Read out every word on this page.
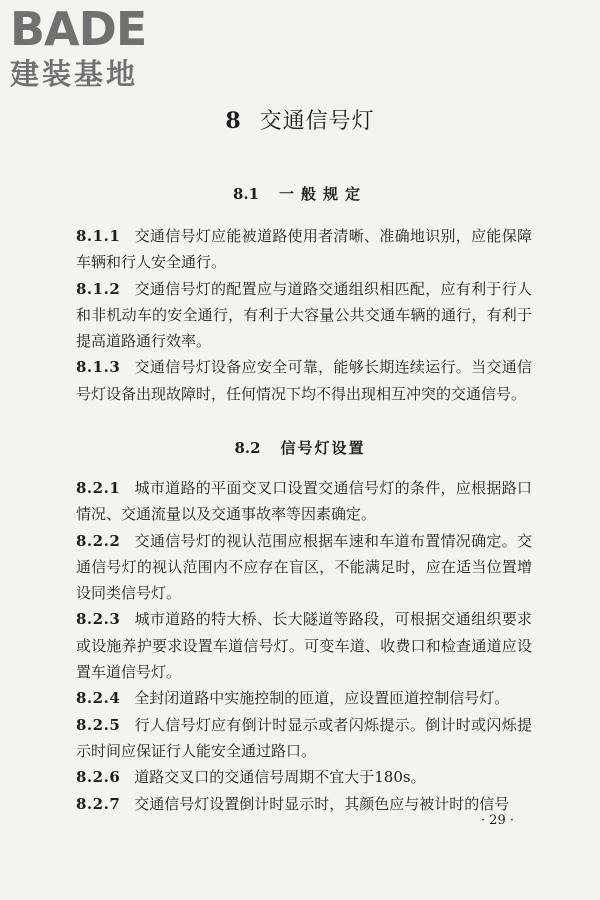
BADE
建装基地
8 交通信号灯
8.1 一般规定

8.1.1 交通信号灯应能被道路使用者清晰、准确地识别，应能保障车辆和行人安全通行。

8.1.2 交通信号灯的配置应与道路交通组织相匹配，应有利于行人和非机动车的安全通行，有利于大容量公共交通车辆的通行，有利于提高道路通行效率。

8.1.3 交通信号灯设备应安全可靠，能够长期连续运行。当交通信号灯设备出现故障时，任何情况下均不得出现相互冲突的交通信号。

8.2 信号灯设置

8.2.1 城市道路的平面交叉口设置交通信号灯的条件，应根据路口情况、交通流量以及交通事故率等因素确定。

8.2.2 交通信号灯的视认范围应根据车速和车道布置情况确定。交通信号灯的视认范围内不应存在盲区，不能满足时，应在适当位置增设同类信号灯。

8.2.3 城市道路的特大桥、长大隧道等路段，可根据交通组织要求或设施养护要求设置车道信号灯。可变车道、收费口和检查通道应设置车道信号灯。

8.2.4 全封闭道路中实施控制的匝道，应设置匝道控制信号灯。

8.2.5 行人信号灯应有倒计时显示或者闪烁提示。倒计时或闪烁提示时间应保证行人能安全通过路口。

8.2.6 道路交叉口的交通信号周期不宜大于180s。

8.2.7 交通信号灯设置倒计时显示时，其颜色应与被计时的信号

· 29 ·
